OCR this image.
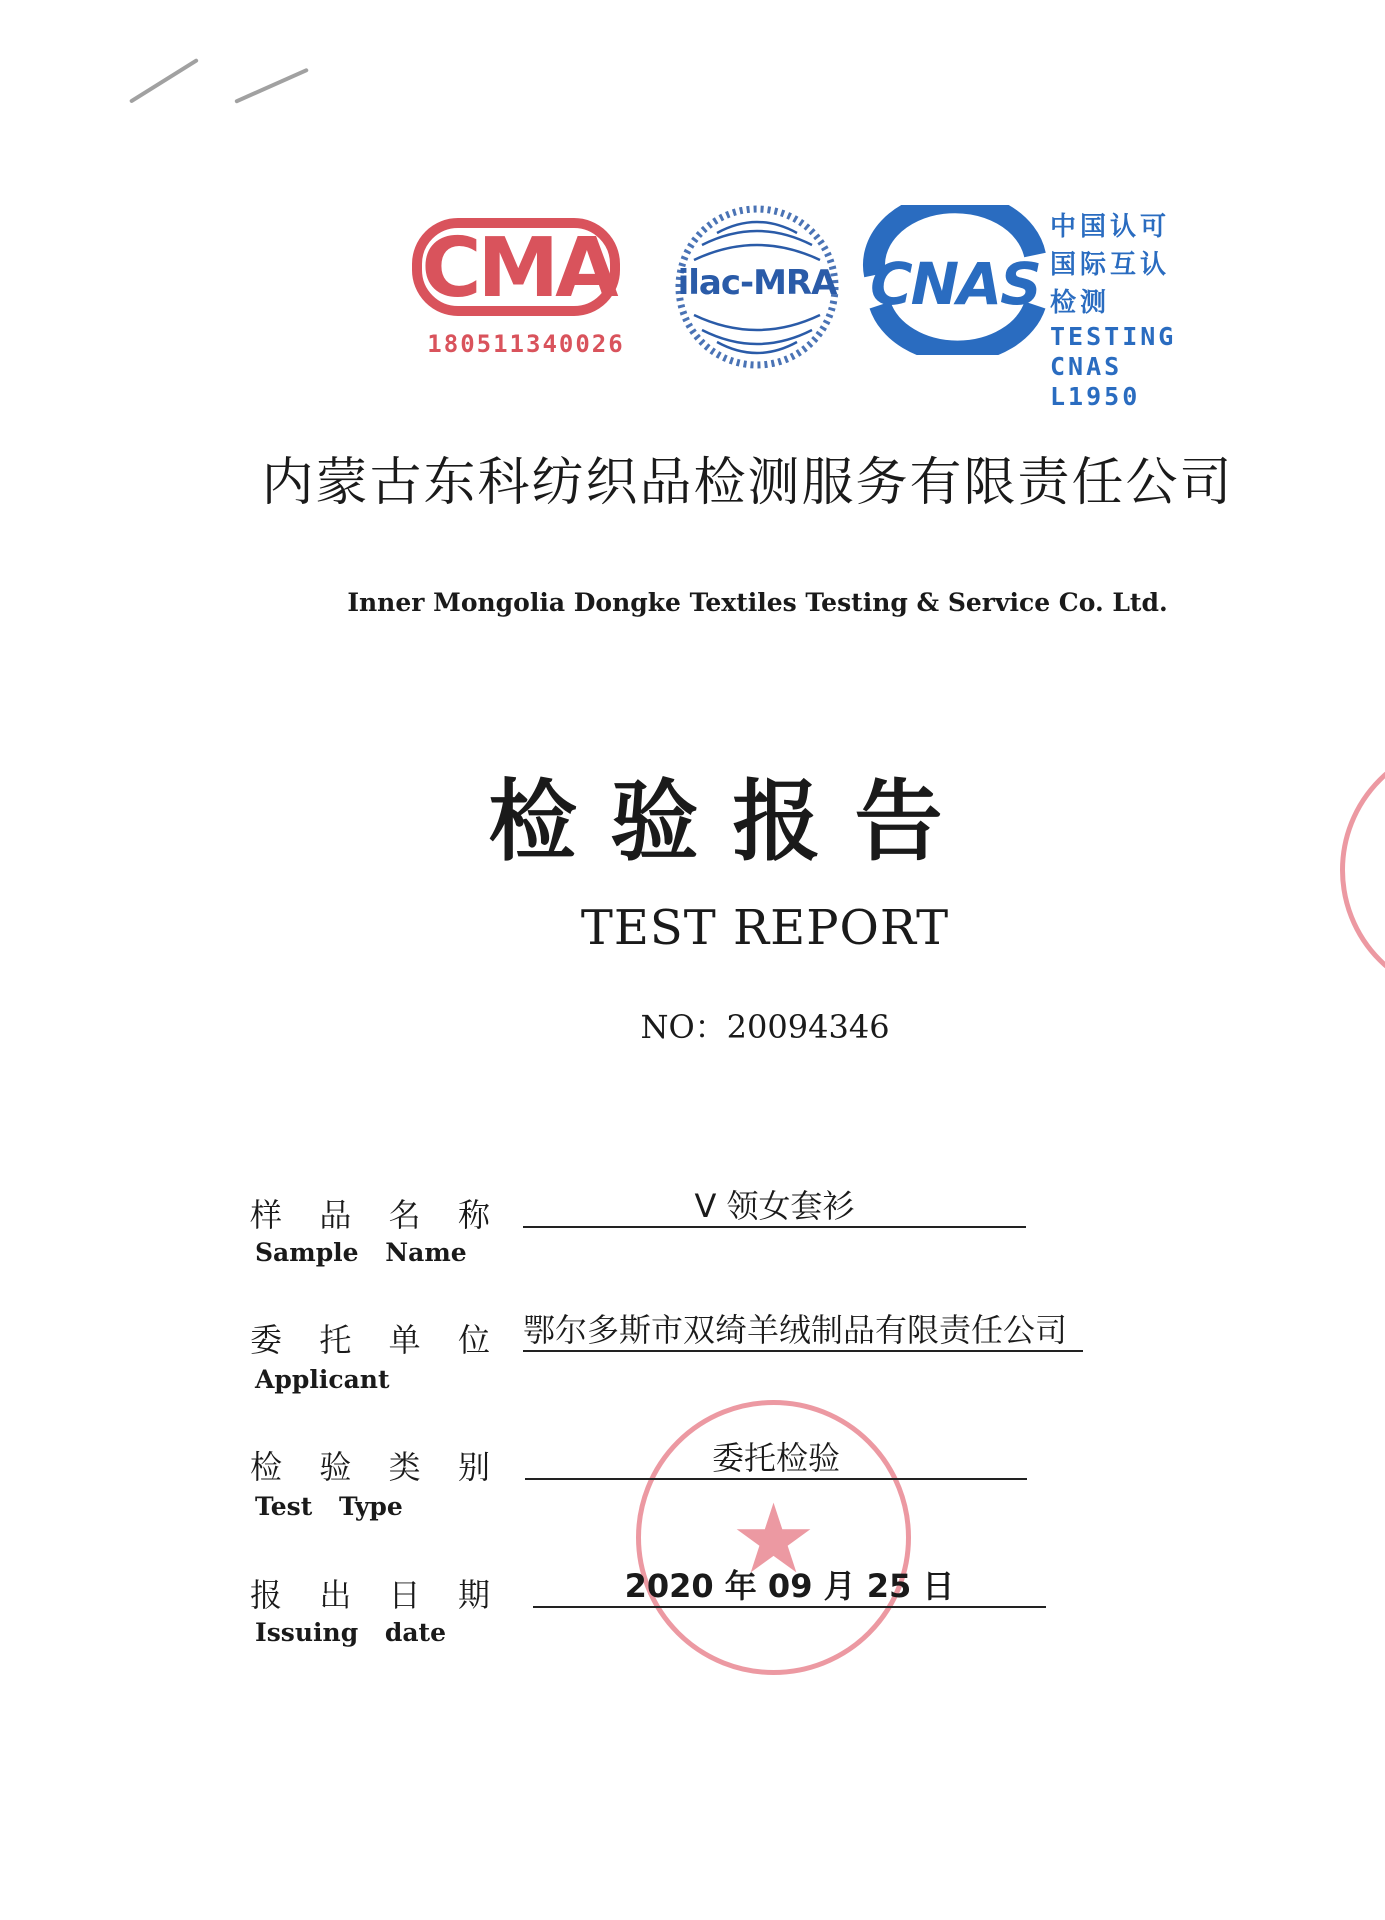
CMA
180511340026
ilac-MRA CNAS
中国认可
国际互认
检测
TESTING
CNAS L1950
内蒙古东科纺织品检测服务有限责任公司
Inner Mongolia Dongke Textiles Testing & Service Co. Ltd.
检验报告
TEST REPORT
NO：20094346
样 品 名 称
Sample Name
V 领女套衫
委 托 单 位
Applicant
鄂尔多斯市双绮羊绒制品有限责任公司
★
检 验 类 别
Test Type
委托检验
报 出 日 期
Issuing date
2020 年 09 月 25 日
